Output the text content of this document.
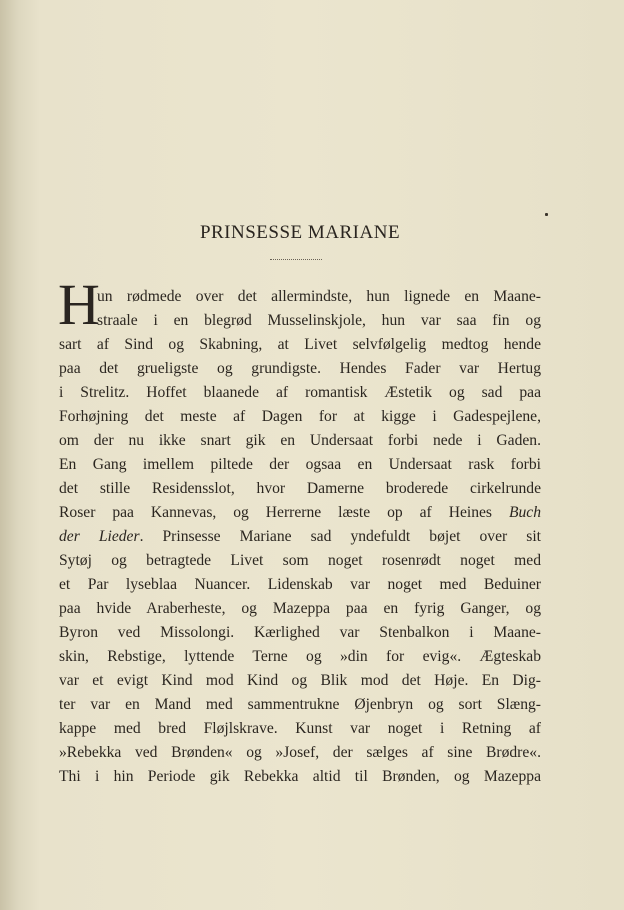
PRINSESSE MARIANE
H
un rødmede over det allermindste, hun lignede en Maane-
straale i en blegrød Musselinskjole, hun var saa fin og
sart af Sind og Skabning, at Livet selvfølgelig medtog hende
paa det grueligste og grundigste. Hendes Fader var Hertug
i Strelitz. Hoffet blaanede af romantisk Æstetik og sad paa
Forhøjning det meste af Dagen for at kigge i Gadespejlene,
om der nu ikke snart gik en Undersaat forbi nede i Gaden.
En Gang imellem piltede der ogsaa en Undersaat rask forbi
det stille Residensslot, hvor Damerne broderede cirkelrunde
Roser paa Kannevas, og Herrerne læste op af Heines Buch
der Lieder. Prinsesse Mariane sad yndefuldt bøjet over sit
Sytøj og betragtede Livet som noget rosenrødt noget med
et Par lyseblaa Nuancer. Lidenskab var noget med Beduiner
paa hvide Araberheste, og Mazeppa paa en fyrig Ganger, og
Byron ved Missolongi. Kærlighed var Stenbalkon i Maane-
skin, Rebstige, lyttende Terne og »din for evig«. Ægteskab
var et evigt Kind mod Kind og Blik mod det Høje. En Dig-
ter var en Mand med sammentrukne Øjenbryn og sort Slæng-
kappe med bred Fløjlskrave. Kunst var noget i Retning af
»Rebekka ved Brønden« og »Josef, der sælges af sine Brødre«.
Thi i hin Periode gik Rebekka altid til Brønden, og Mazeppa
